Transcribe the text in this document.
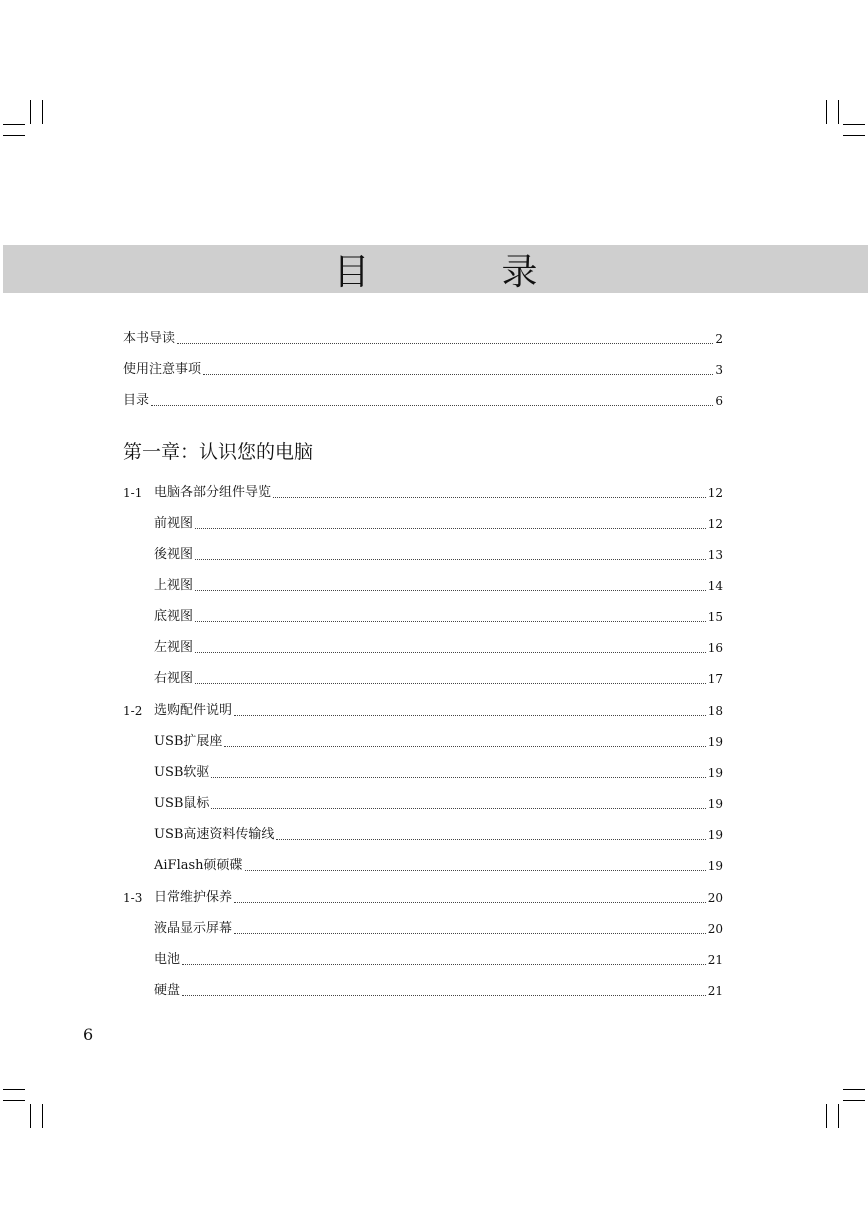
目　录
本书导读	2
使用注意事项	3
目录	6
第一章：认识您的电脑
1-1 电脑各部分组件导览	12
前视图	12
後视图	13
上视图	14
底视图	15
左视图	16
右视图	17
1-2 选购配件说明	18
USB扩展座	19
USB软驱	19
USB鼠标	19
USB高速资料传输线	19
AiFlash硕硕碟	19
1-3 日常维护保养	20
液晶显示屏幕	20
电池	21
硬盘	21
6
